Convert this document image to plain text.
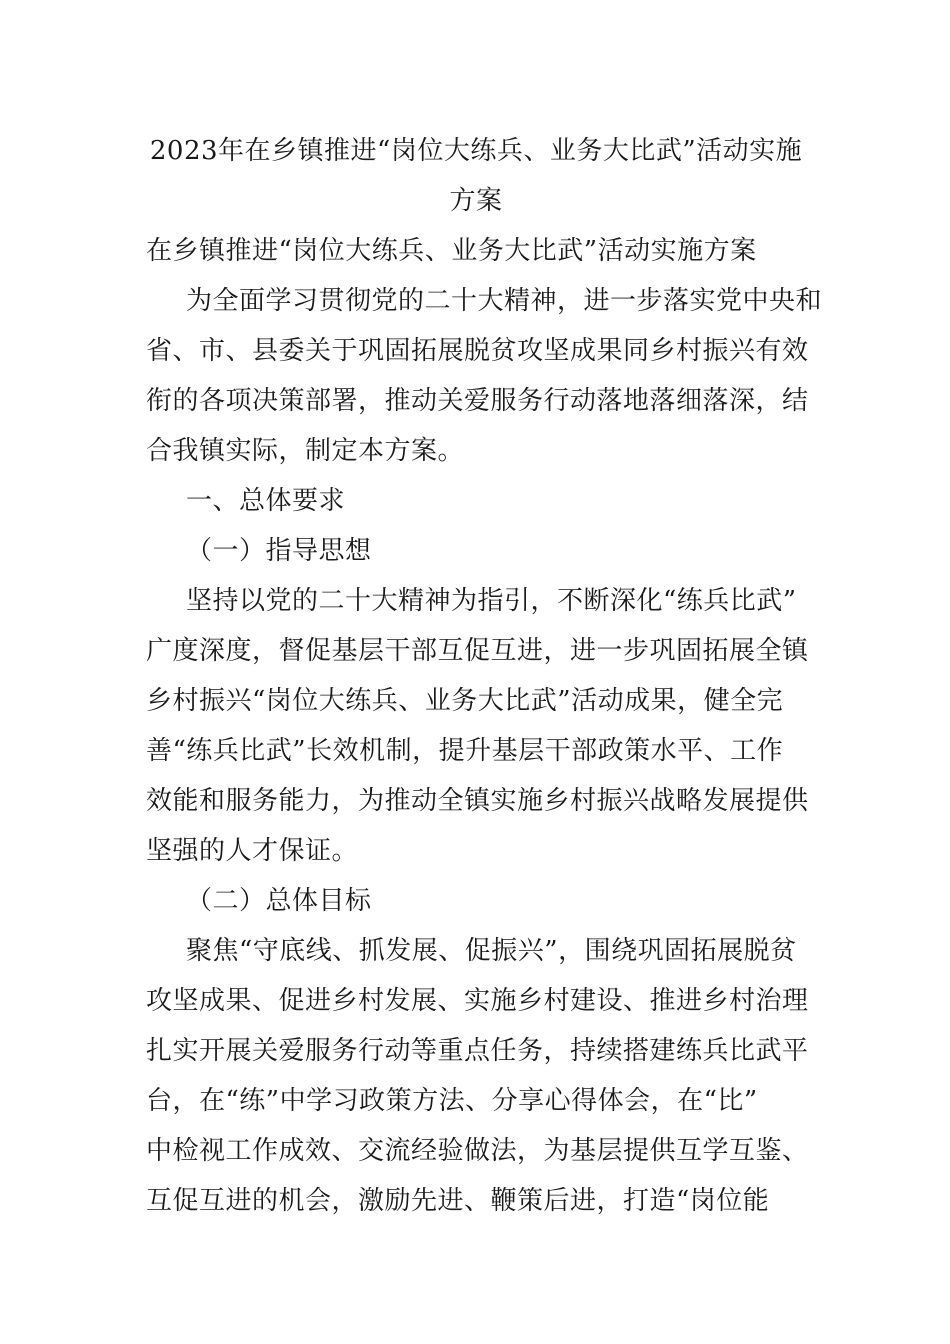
2023年在乡镇推进“岗位大练兵、业务大比武”活动实施
方案
在乡镇推进“岗位大练兵、业务大比武”活动实施方案
为全面学习贯彻党的二十大精神，进一步落实党中央和
省、市、县委关于巩固拓展脱贫攻坚成果同乡村振兴有效
衔的各项决策部署，推动关爱服务行动落地落细落深，结
合我镇实际，制定本方案。
一、总体要求
（一）指导思想
坚持以党的二十大精神为指引，不断深化“练兵比武”
广度深度，督促基层干部互促互进，进一步巩固拓展全镇
乡村振兴“岗位大练兵、业务大比武”活动成果，健全完
善“练兵比武”长效机制，提升基层干部政策水平、工作
效能和服务能力，为推动全镇实施乡村振兴战略发展提供
坚强的人才保证。
（二）总体目标
聚焦“守底线、抓发展、促振兴”，围绕巩固拓展脱贫
攻坚成果、促进乡村发展、实施乡村建设、推进乡村治理
扎实开展关爱服务行动等重点任务，持续搭建练兵比武平
台，在“练”中学习政策方法、分享心得体会，在“比”
中检视工作成效、交流经验做法，为基层提供互学互鉴、
互促互进的机会，激励先进、鞭策后进，打造“岗位能
